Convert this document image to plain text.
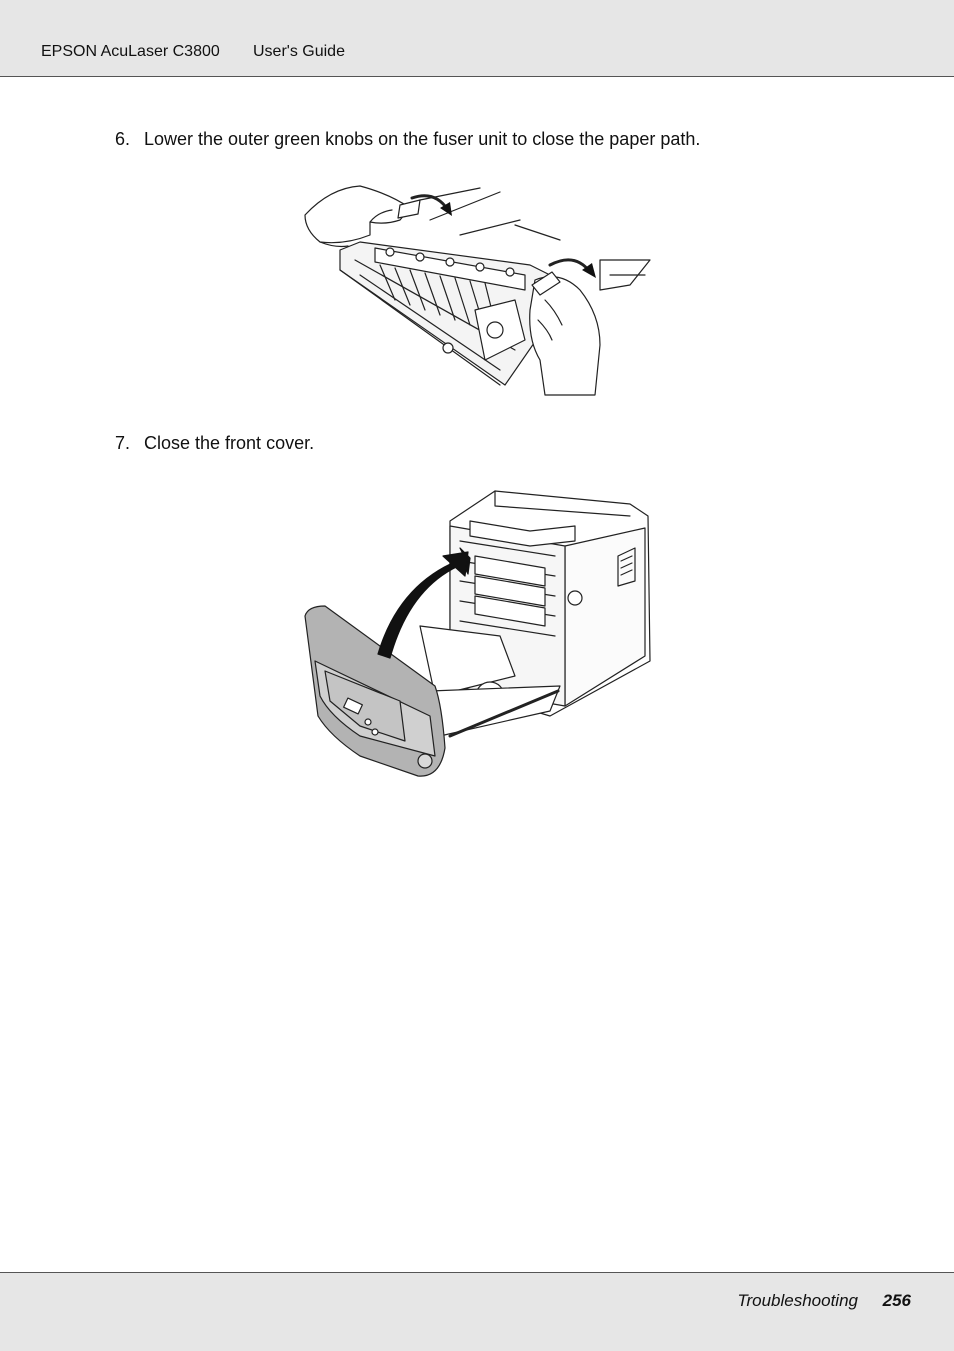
EPSON AcuLaser C3800 User's Guide
6. Lower the outer green knobs on the fuser unit to close the paper path.
7. Close the front cover.
Troubleshooting 256
